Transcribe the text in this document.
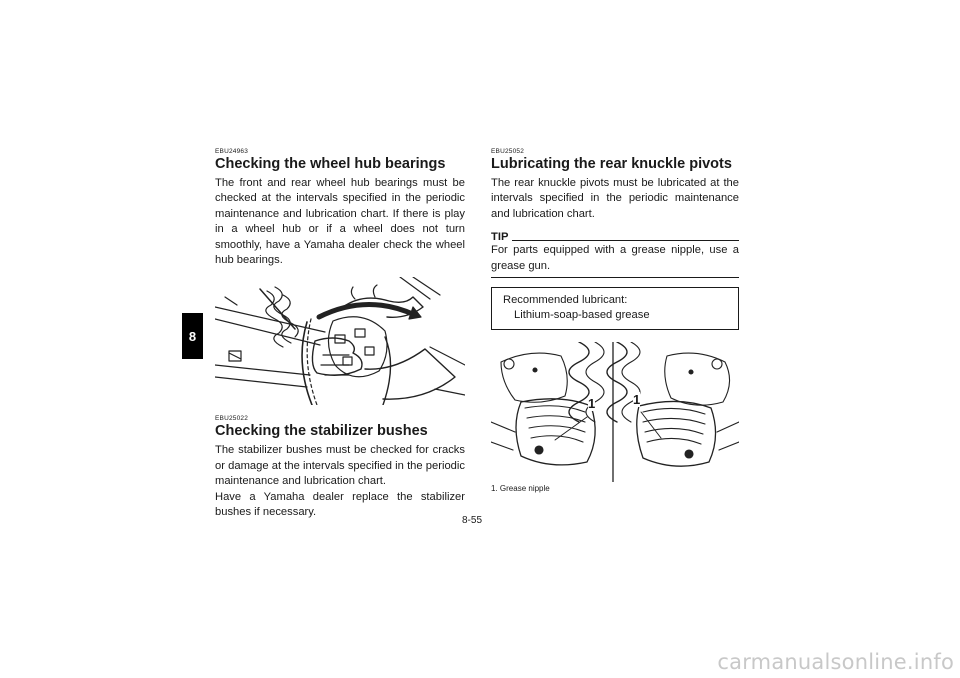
8
EBU24963
Checking the wheel hub bearings

The front and rear wheel hub bearings must be checked at the intervals specified in the periodic maintenance and lubrication chart. If there is play in a wheel hub or if a wheel does not turn smoothly, have a Yamaha dealer check the wheel hub bearings.

EBU25022
Checking the stabilizer bushes

The stabilizer bushes must be checked for cracks or damage at the intervals specified in the periodic maintenance and lubrication chart.

Have a Yamaha dealer replace the stabilizer bushes if necessary.

EBU25052
Lubricating the rear knuckle pivots

The rear knuckle pivots must be lubricated at the intervals specified in the periodic maintenance and lubrication chart.

TIP

For parts equipped with a grease nipple, use a grease gun.

Recommended lubricant:
Lithium-soap-based grease
1	1
1. Grease nipple
8-55
carmanualsonline.info
